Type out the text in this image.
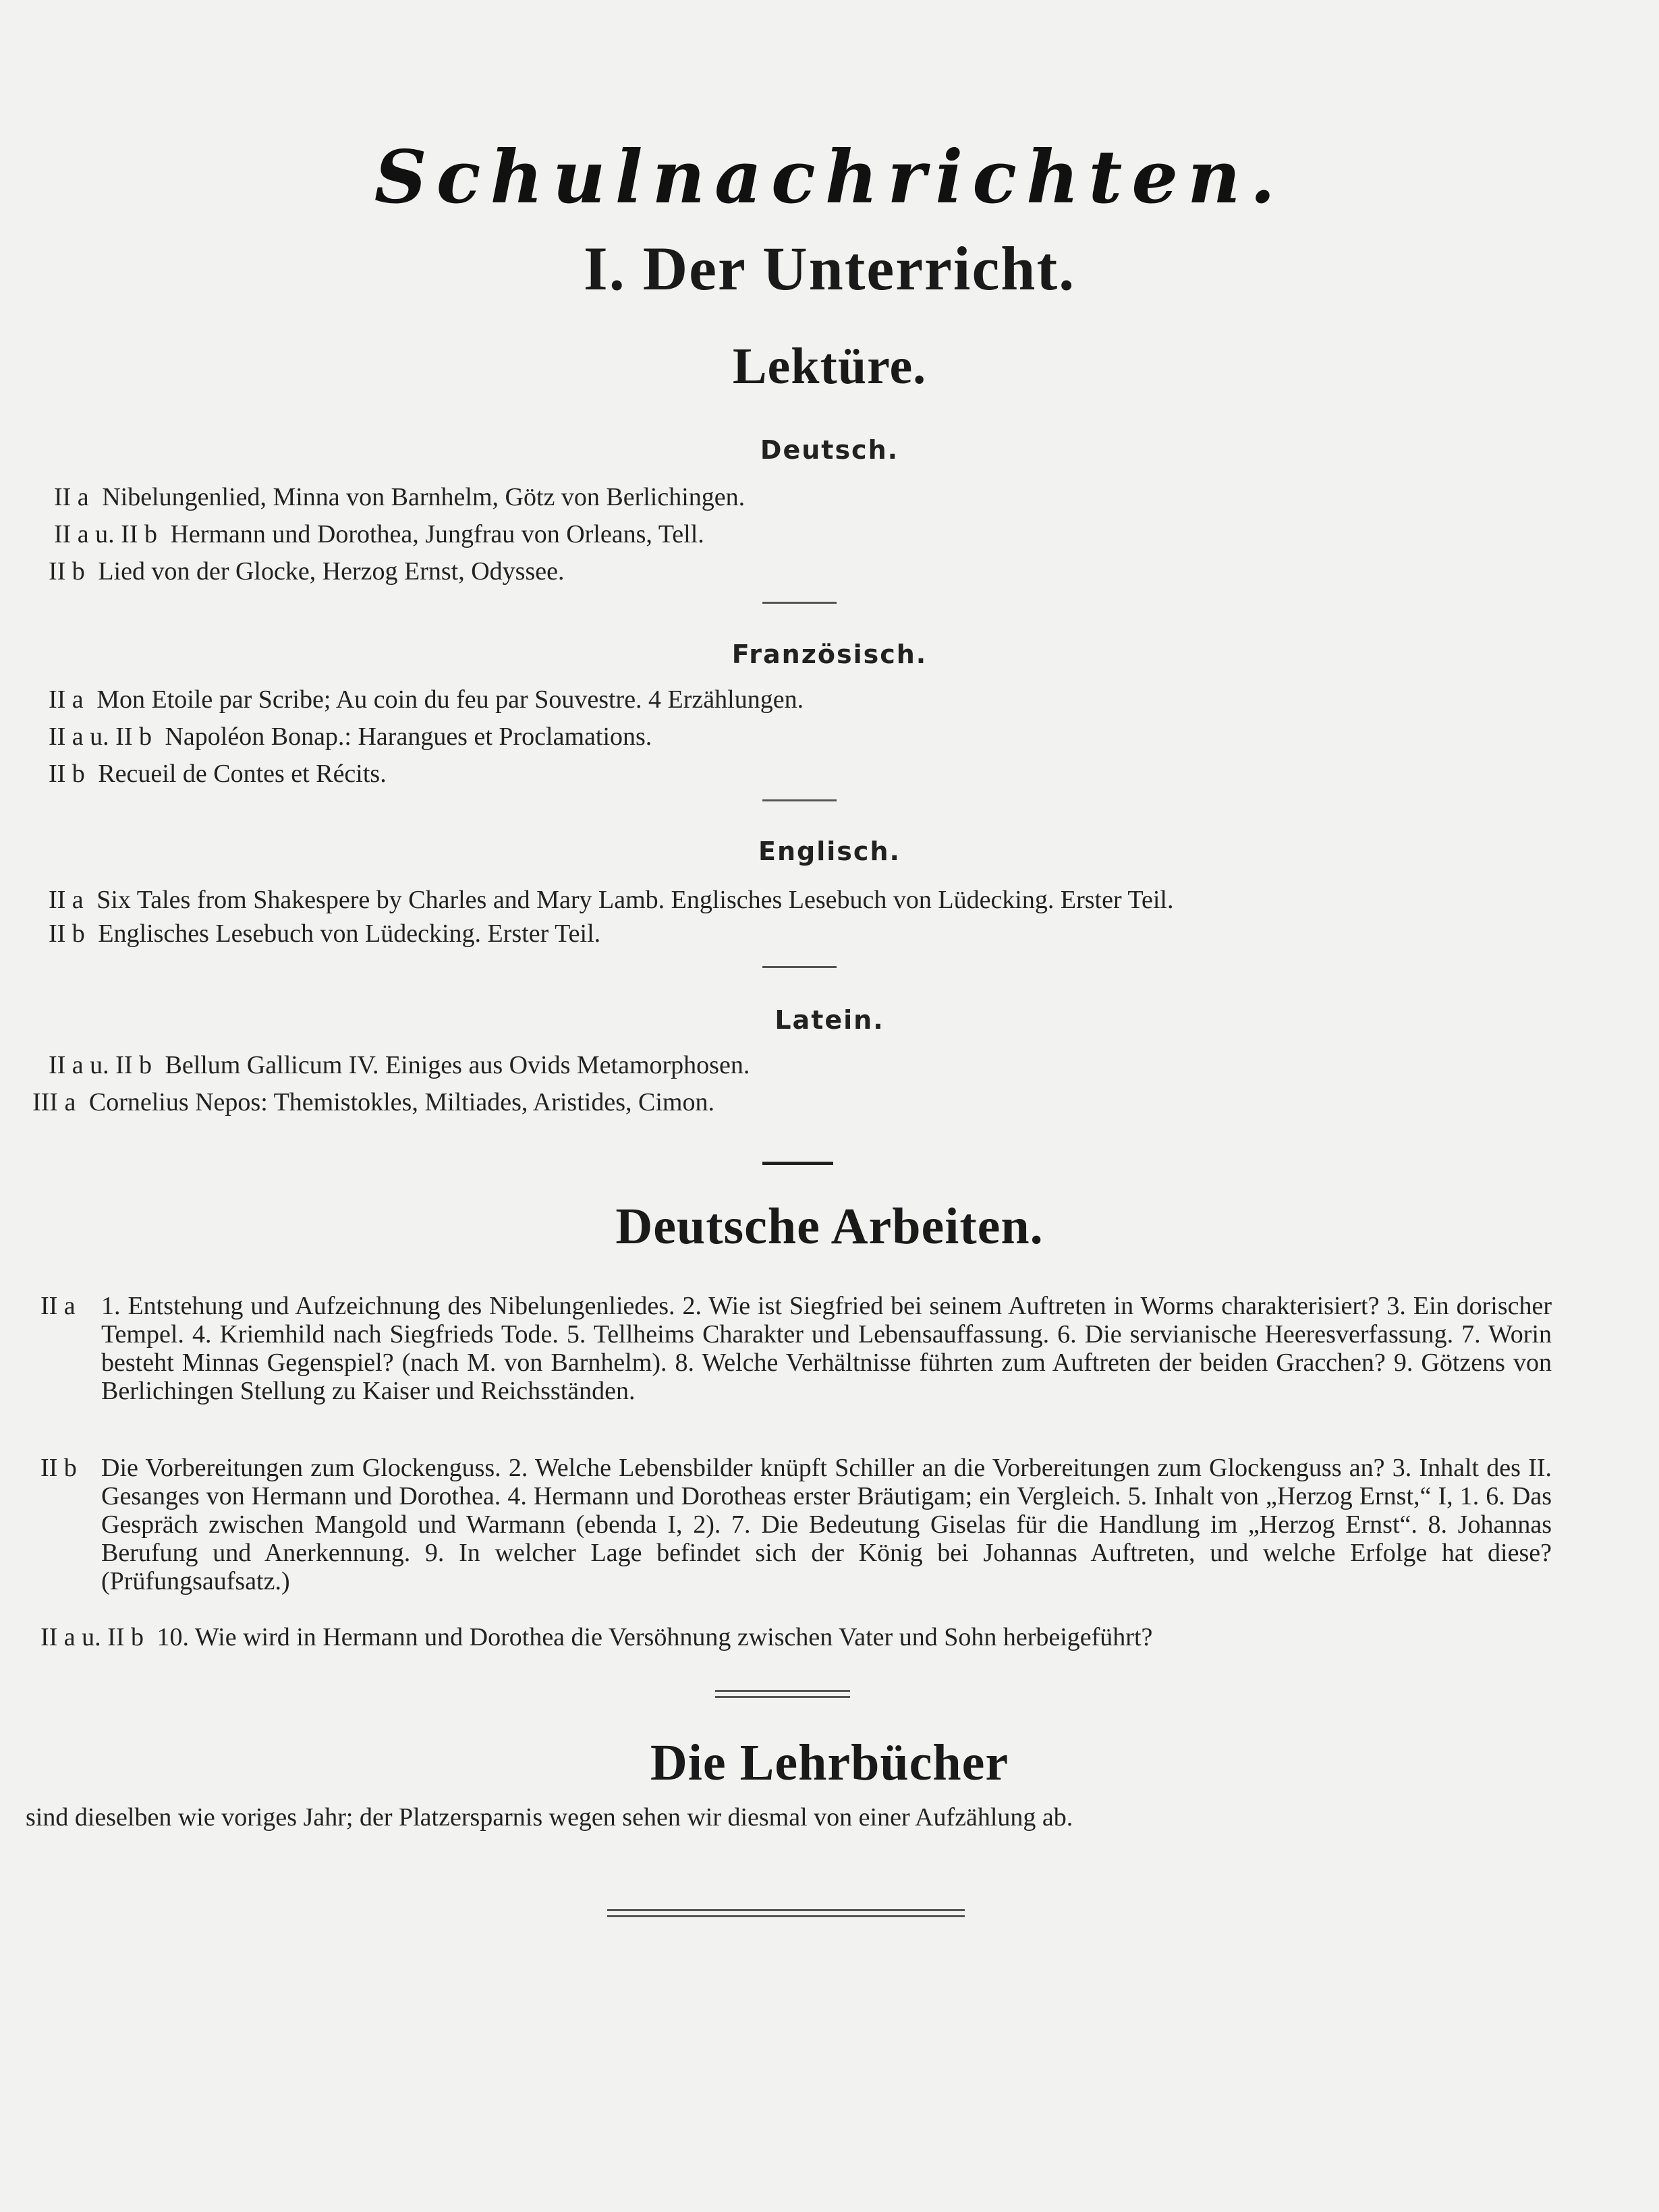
Schulnachrichten.
I. Der Unterricht.
Lektüre.
Deutsch.
II a Nibelungenlied, Minna von Barnhelm, Götz von Berlichingen.
II a u. II b Hermann und Dorothea, Jungfrau von Orleans, Tell.
II b Lied von der Glocke, Herzog Ernst, Odyssee.
Französisch.
II a Mon Etoile par Scribe; Au coin du feu par Souvestre. 4 Erzählungen.
II a u. II b Napoléon Bonap.: Harangues et Proclamations.
II b Recueil de Contes et Récits.
Englisch.
II a Six Tales from Shakespere by Charles and Mary Lamb. Englisches Lesebuch von Lüdecking. Erster Teil.
II b Englisches Lesebuch von Lüdecking. Erster Teil.
Latein.
II a u. II b Bellum Gallicum IV. Einiges aus Ovids Metamorphosen.
III a Cornelius Nepos: Themistokles, Miltiades, Aristides, Cimon.
Deutsche Arbeiten.
II a 1. Entstehung und Aufzeichnung des Nibelungenliedes. 2. Wie ist Siegfried bei seinem Auftreten in Worms charakterisiert? 3. Ein dorischer Tempel. 4. Kriemhild nach Siegfrieds Tode. 5. Tellheims Charakter und Lebensauffassung. 6. Die servianische Heeresverfassung. 7. Worin besteht Minnas Gegenspiel? (nach M. von Barnhelm). 8. Welche Verhältnisse führten zum Auftreten der beiden Gracchen? 9. Götzens von Berlichingen Stellung zu Kaiser und Reichsständen.
II b Die Vorbereitungen zum Glockenguss. 2. Welche Lebensbilder knüpft Schiller an die Vorbereitungen zum Glockenguss an? 3. Inhalt des II. Gesanges von Hermann und Dorothea. 4. Hermann und Dorotheas erster Bräutigam; ein Vergleich. 5. Inhalt von „Herzog Ernst,“ I, 1. 6. Das Gespräch zwischen Mangold und Warmann (ebenda I, 2). 7. Die Bedeutung Giselas für die Handlung im „Herzog Ernst“. 8. Johannas Berufung und Anerkennung. 9. In welcher Lage befindet sich der König bei Johannas Auftreten, und welche Erfolge hat diese? (Prüfungsaufsatz.)
II a u. II b 10. Wie wird in Hermann und Dorothea die Versöhnung zwischen Vater und Sohn herbeigeführt?
Die Lehrbücher
sind dieselben wie voriges Jahr; der Platzersparnis wegen sehen wir diesmal von einer Aufzählung ab.
